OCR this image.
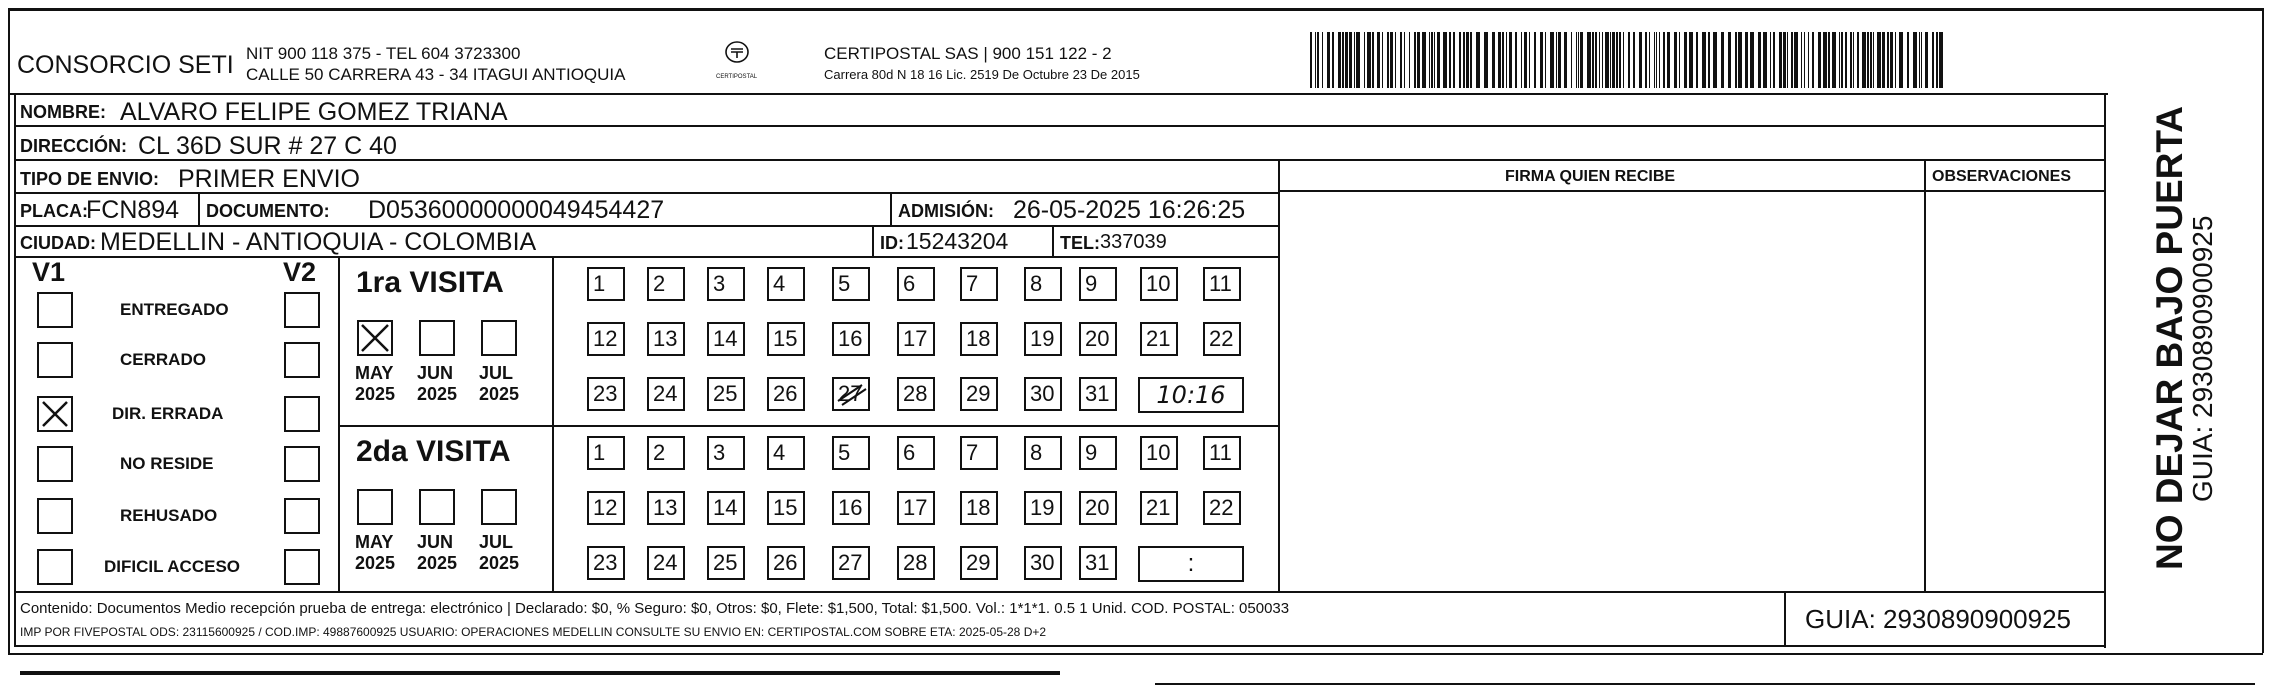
CONSORCIO SETI NIT 900 118 375 - TEL 604 3723300
CALLE 50 CARRERA 43 - 34 ITAGUI ANTIOQUIA	CERTIPOSTAL
CERTIPOSTAL SAS | 900 151 122 - 2
Carrera 80d N 18 16 Lic. 2519 De Octubre 23 De 2015
NOMBRE: ALVARO FELIPE GOMEZ TRIANA
DIRECCIÓN: CL 36D SUR # 27 C 40
TIPO DE ENVIO: PRIMER ENVIO	FIRMA QUIEN RECIBE	OBSERVACIONES
PLACA:
FCN894 DOCUMENTO: D05360000000049454427	ADMISIÓN: 26-05-2025 16:26:25
CIUDAD: MEDELLIN - ANTIOQUIA - COLOMBIA	ID: 15243204	TEL: 337039
V1	V2
ENTREGADO
CERRADO
DIR. ERRADA
NO RESIDE
REHUSADO
DIFICIL ACCESO
1ra VISITA
MAY
2025
JUN
2025
JUL
2025
1	2	3	4	5	6	7	8	9	10	11
12	13	14	15	16	17	18	19	20	21	22
23	24	25	26	27	28	29	30	31	10:16
2da VISITA
MAY
2025
JUN
2025
JUL
2025
1	2	3	4	5	6	7	8	9	10	11
12	13	14	15	16	17	18	19	20	21	22
23	24	25	26	27	28	29	30	31	:
Contenido: Documentos Medio recepción prueba de entrega: electrónico | Declarado: $0, % Seguro: $0, Otros: $0, Flete: $1,500, Total: $1,500. Vol.: 1*1*1. 0.5 1 Unid. COD. POSTAL: 050033
IMP POR FIVEPOSTAL ODS: 23115600925 / COD.IMP: 49887600925 USUARIO: OPERACIONES MEDELLIN CONSULTE SU ENVIO EN: CERTIPOSTAL.COM SOBRE ETA: 2025-05-28 D+2	GUIA: 2930890900925
NO DEJAR BAJO PUERTA
GUIA: 2930890900925
